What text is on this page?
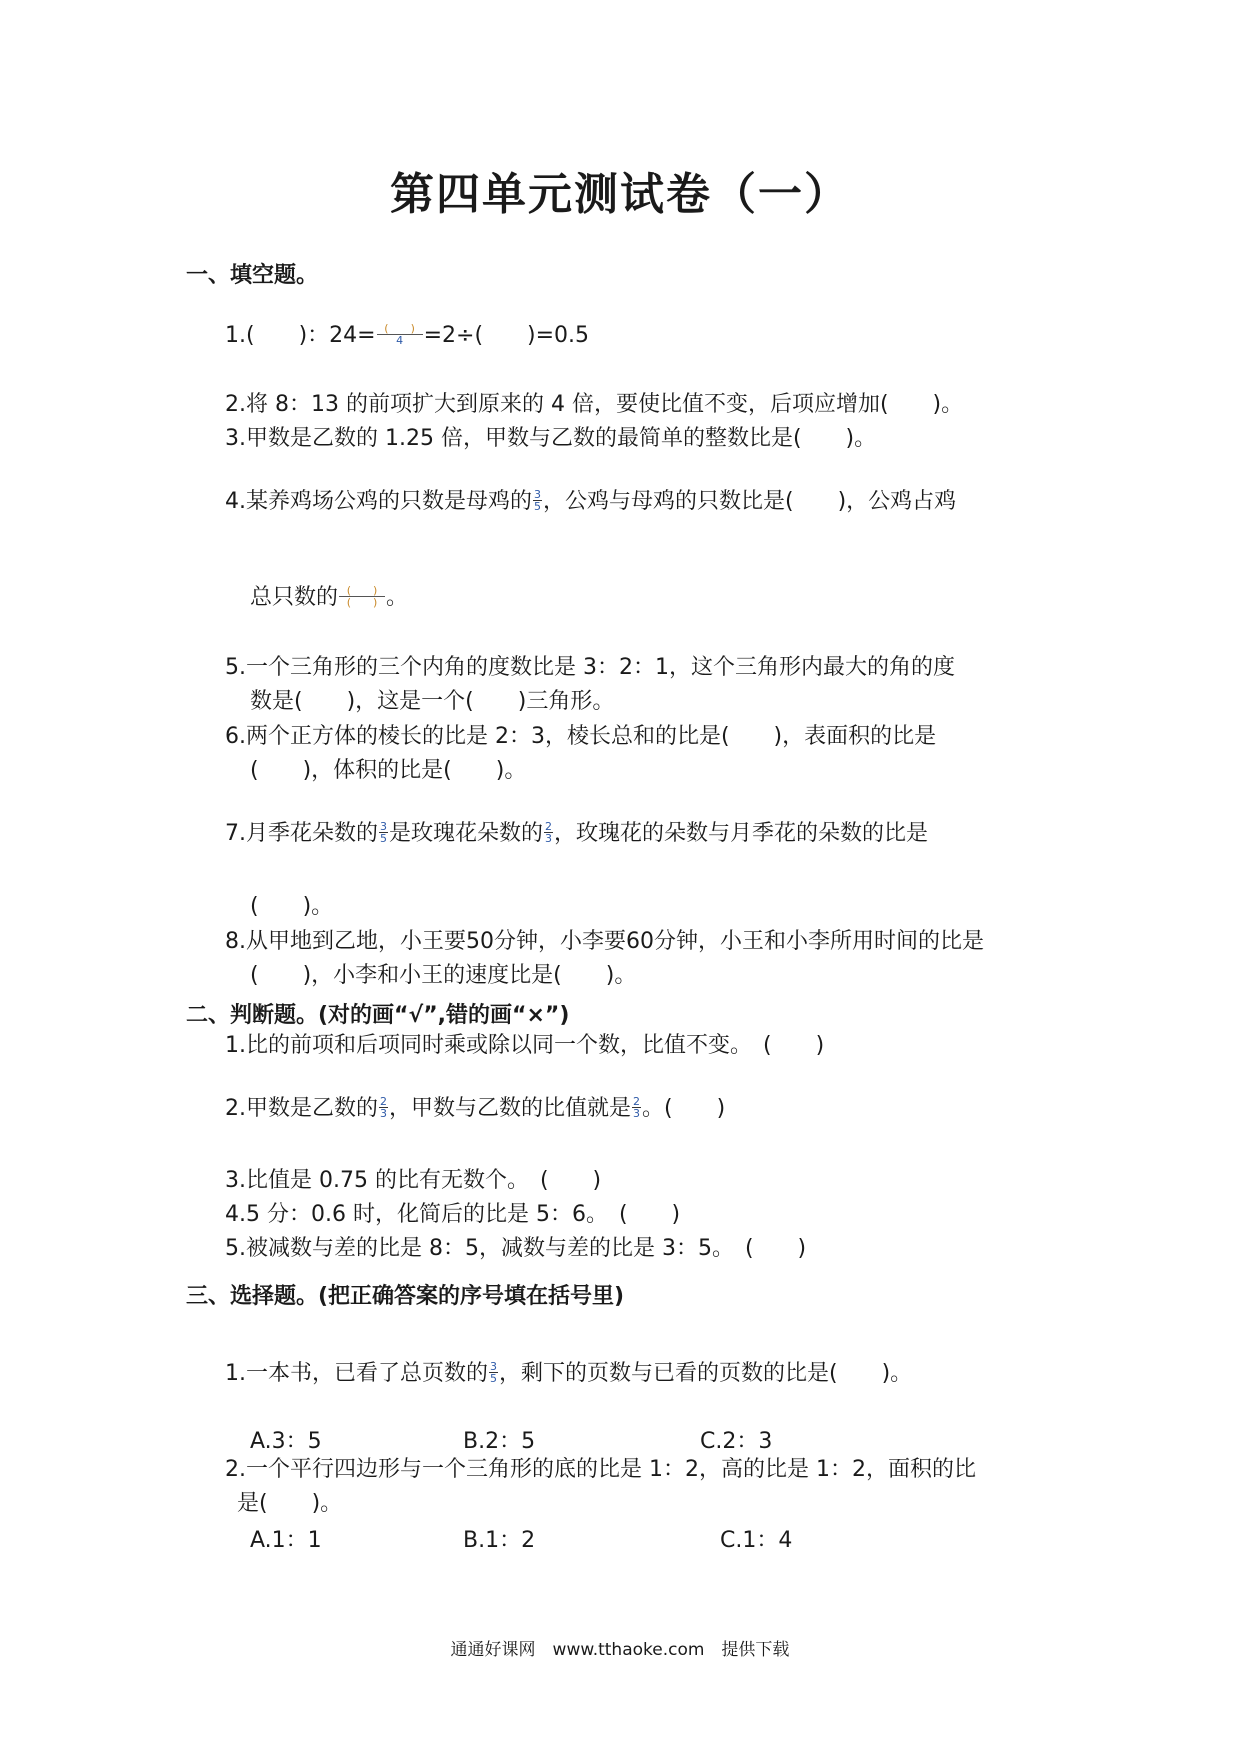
第四单元测试卷（一）
一、填空题。
1.(　　)：$24= \frac{( )}{4} =2\div$(　　)=0.5
2.将 8：13 的前项扩大到原来的 4 倍，要使比值不变，后项应增加(　　)。
3.甲数是乙数的 1.25 倍，甲数与乙数的最简单的整数比是(　　)。
4.某养鸡场公鸡的只数是母鸡的 $\frac{3}{5}$ ，公鸡与母鸡的只数比是(　　)，公鸡占鸡
总只数的 $\frac{( )}{( )}$ 。
5.一个三角形的三个内角的度数比是 3：2：1，这个三角形内最大的角的度
数是(　　)，这是一个(　　)三角形。
6.两个正方体的棱长的比是 2：3，棱长总和的比是(　　)，表面积的比是
(　　)，体积的比是(　　)。
7.月季花朵数的 $\frac{3}{5}$ 是玫瑰花朵数的 $\frac{2}{3}$ ，玫瑰花的朵数与月季花的朵数的比是
(　　)。
8.从甲地到乙地，小王要50分钟，小李要60分钟，小王和小李所用时间的比是
(　　)，小李和小王的速度比是(　　)。
二、判断题。(对的画“√”,错的画“×”)
1.比的前项和后项同时乘或除以同一个数，比值不变。　(　　)
2.甲数是乙数的 $\frac{2}{3}$ ，甲数与乙数的比值就是 $\frac{2}{3}$ 。(　　)
3.比值是 0.75 的比有无数个。　(　　)
4.5 分：0.6 时，化简后的比是 5：6。　(　　)
5.被减数与差的比是 8：5，减数与差的比是 3：5。　(　　)
三、选择题。(把正确答案的序号填在括号里)
1.一本书，已看了总页数的 $\frac{3}{5}$ ，剩下的页数与已看的页数的比是(　　)。
A.3：5	B.2：5	C.2：3
2.一个平行四边形与一个三角形的底的比是 1：2，高的比是 1：2，面积的比
是(　　)。
A.1：1	B.1：2	C.1：4
通通好课网　www.tthaoke.com　提供下载
